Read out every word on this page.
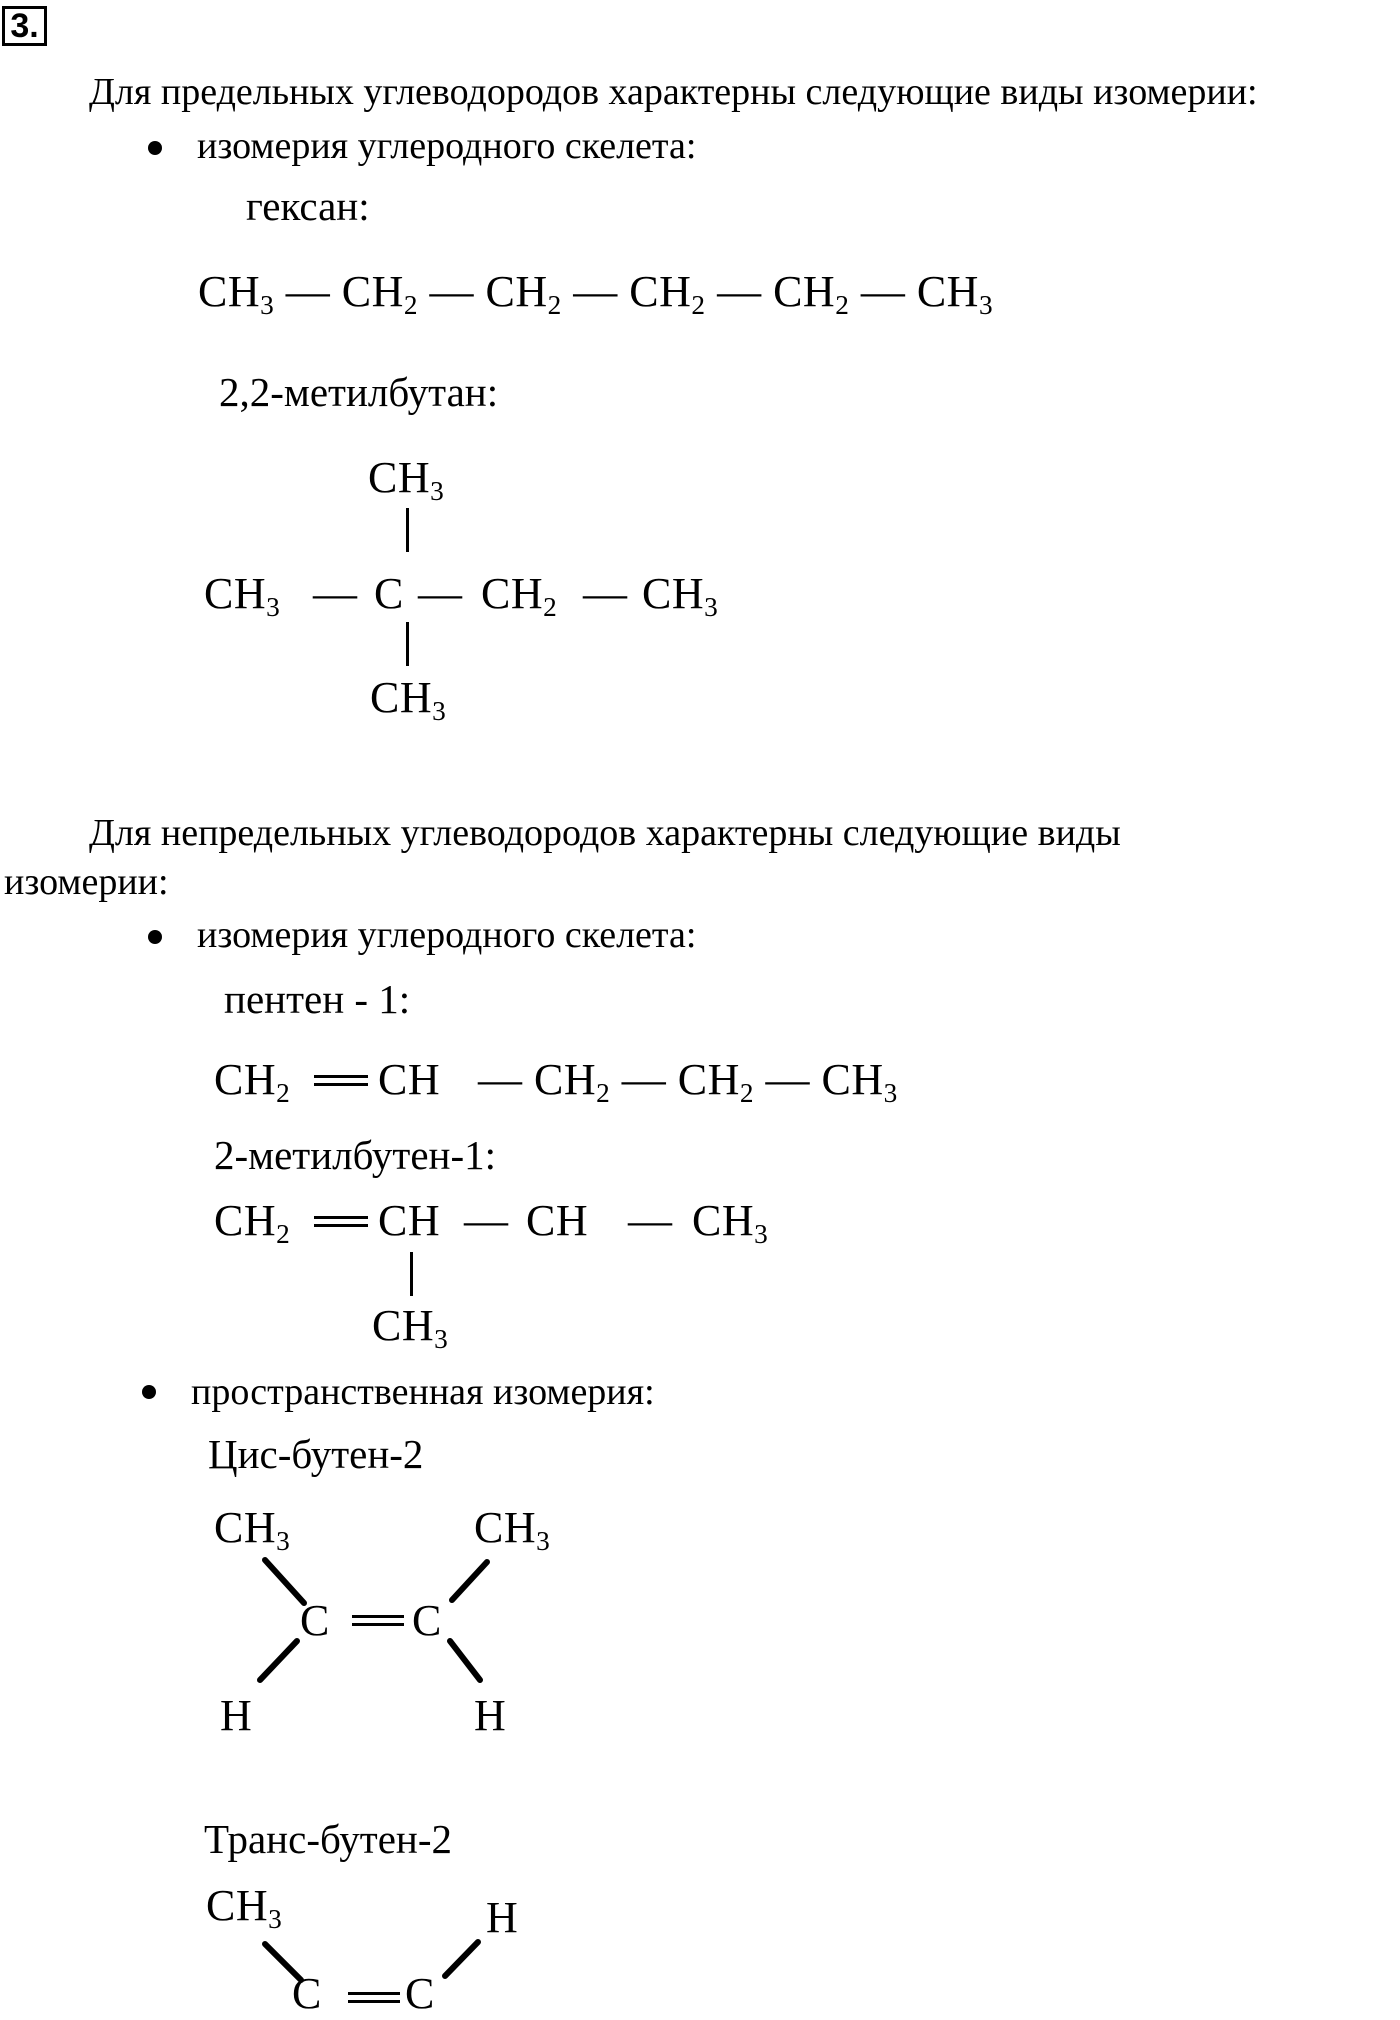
3.
Для предельных углеводородов характерны следующие виды изомерии:
изомерия углеродного скелета:
гексан:
$CH_3$ — $CH_2$ — $CH_2$ — $CH_2$ — $CH_2$ — $CH_3$
2,2-метилбутан:
$CH_3$
$CH_3$ — C — $CH_2$ — $CH_3$
$CH_3$
Для непредельных углеводородов характерны следующие виды
изомерии:
изомерия углеродного скелета:
пентен - 1:
$CH_2$ CH — $CH_2$ — $CH_2$ — $CH_3$
2-метилбутен-1:
$CH_2$ CH — CH — $CH_3$
$CH_3$
пространственная изомерия:
Цис-бутен-2
$CH_3$	$CH_3$
C C
H	H
Транс-бутен-2
$CH_3$	H
C C
